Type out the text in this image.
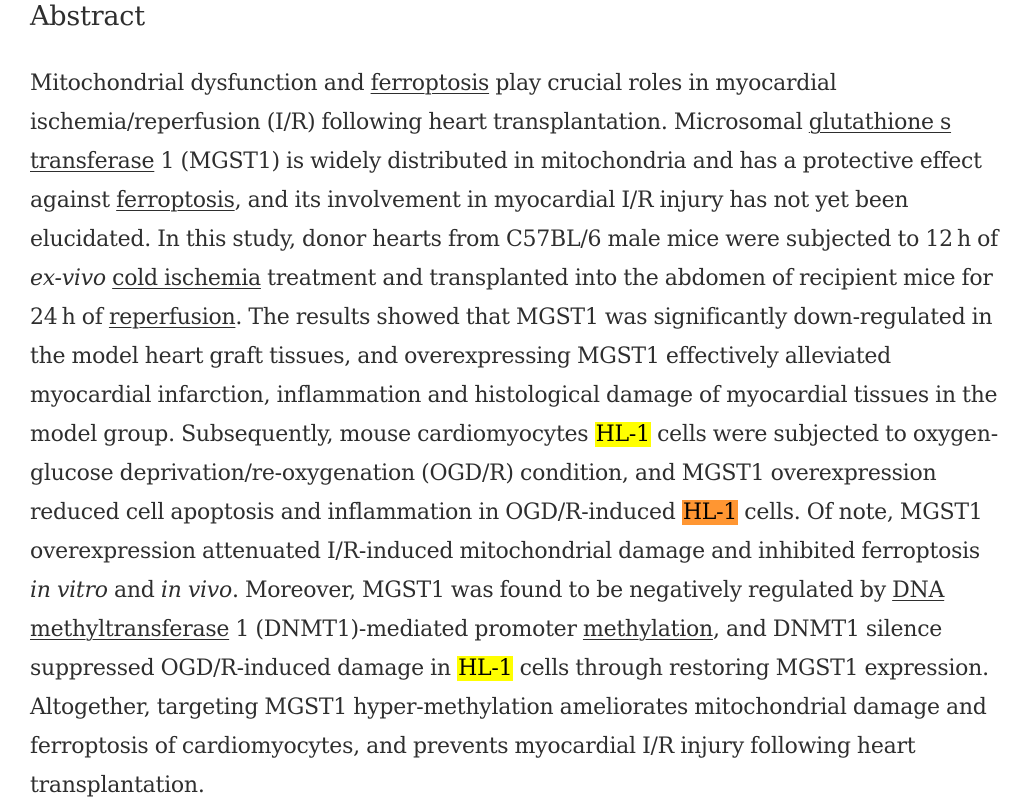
Abstract
Mitochondrial dysfunction and ferroptosis play crucial roles in myocardial
ischemia/reperfusion (I/R) following heart transplantation. Microsomal glutathione s
transferase 1 (MGST1) is widely distributed in mitochondria and has a protective effect
against ferroptosis, and its involvement in myocardial I/R injury has not yet been
elucidated. In this study, donor hearts from C57BL/6 male mice were subjected to 12 h of
ex-vivo cold ischemia treatment and transplanted into the abdomen of recipient mice for
24 h of reperfusion. The results showed that MGST1 was significantly down-regulated in
the model heart graft tissues, and overexpressing MGST1 effectively alleviated
myocardial infarction, inflammation and histological damage of myocardial tissues in the
model group. Subsequently, mouse cardiomyocytes HL-1 cells were subjected to oxygen-
glucose deprivation/re-oxygenation (OGD/R) condition, and MGST1 overexpression
reduced cell apoptosis and inflammation in OGD/R-induced HL-1 cells. Of note, MGST1
overexpression attenuated I/R-induced mitochondrial damage and inhibited ferroptosis
in vitro and in vivo. Moreover, MGST1 was found to be negatively regulated by DNA
methyltransferase 1 (DNMT1)-mediated promoter methylation, and DNMT1 silence
suppressed OGD/R-induced damage in HL-1 cells through restoring MGST1 expression.
Altogether, targeting MGST1 hyper-methylation ameliorates mitochondrial damage and
ferroptosis of cardiomyocytes, and prevents myocardial I/R injury following heart
transplantation.
